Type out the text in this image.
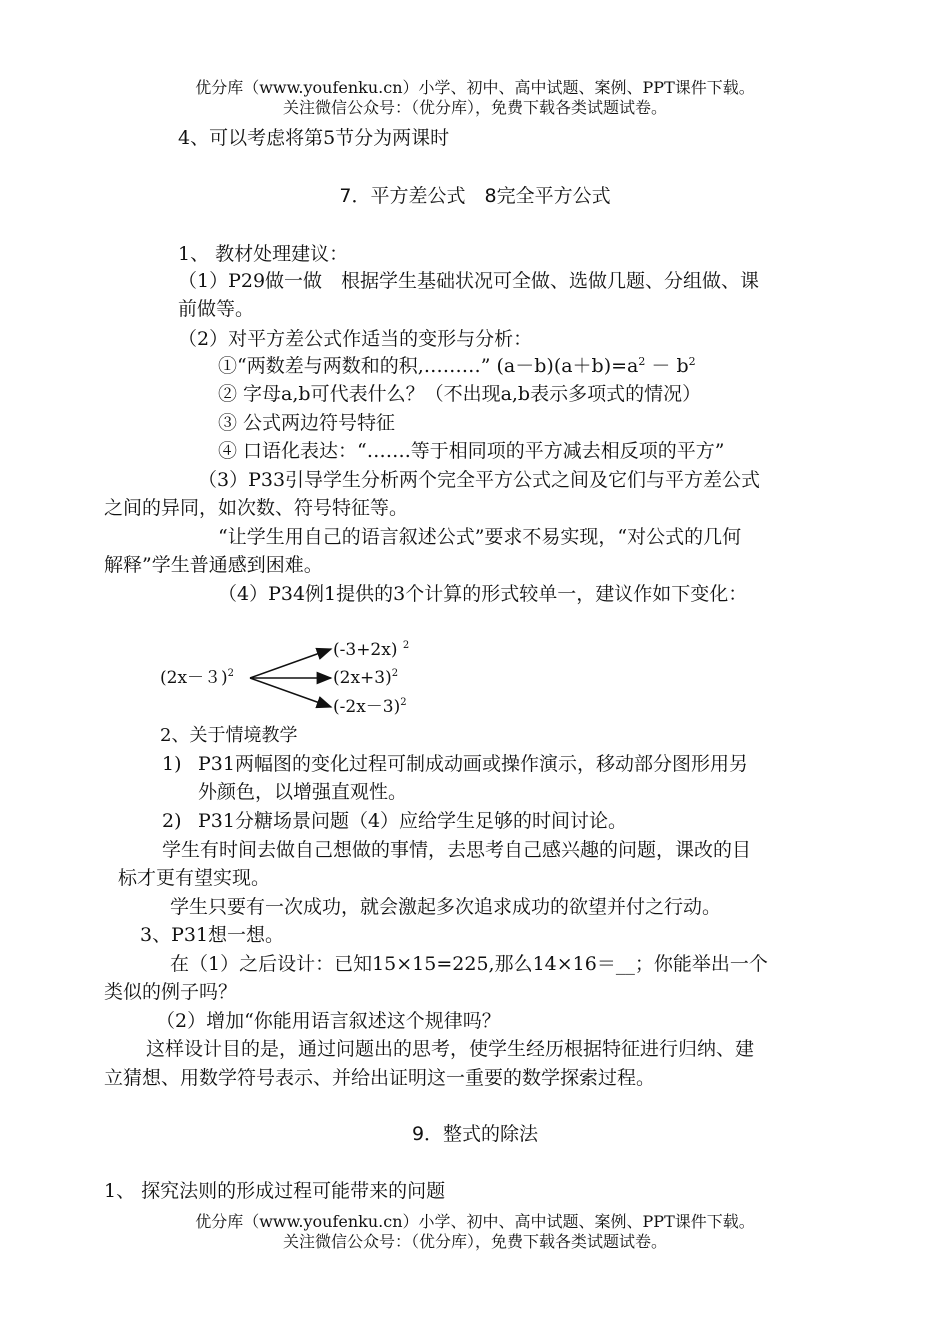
优分库（www.youfenku.cn）小学、初中、高中试题、案例、PPT课件下载。
关注微信公众号：（优分库），免费下载各类试题试卷。
4、可以考虑将第5节分为两课时
7．平方差公式　8完全平方公式
1、 教材处理建议：
（1）P29做一做　根据学生基础状况可全做、选做几题、分组做、课
前做等。
（2）对平方差公式作适当的变形与分析：
①“两数差与两数和的积,………” $(a-b)(a+b)=a^2 - b^2$
② 字母a,b可代表什么？（不出现a,b表示多项式的情况）
③ 公式两边符号特征
④ 口语化表达：“…….等于相同项的平方减去相反项的平方”
（3）P33引导学生分析两个完全平方公式之间及它们与平方差公式
之间的异同，如次数、符号特征等。
“让学生用自己的语言叙述公式”要求不易实现，“对公式的几何
解释”学生普通感到困难。
（4）P34例1提供的3个计算的形式较单一，建议作如下变化：
$(2x-3)^2$
(-3+2x) $^2$
$(2x+3)^2$
$(-2x-3)^2$
2、关于情境教学
1) P31两幅图的变化过程可制成动画或操作演示，移动部分图形用另
外颜色，以增强直观性。
2) P31分糖场景问题（4）应给学生足够的时间讨论。
学生有时间去做自己想做的事情，去思考自己感兴趣的问题，课改的目
标才更有望实现。
学生只要有一次成功，就会激起多次追求成功的欲望并付之行动。
3、P31想一想。
在（1）之后设计：已知15×15=225,那么14×16＝__；你能举出一个
类似的例子吗？
（2）增加“你能用语言叙述这个规律吗？
这样设计目的是，通过问题出的思考，使学生经历根据特征进行归纳、建
立猜想、用数学符号表示、并给出证明这一重要的数学探索过程。
9．整式的除法
1、 探究法则的形成过程可能带来的问题
优分库（www.youfenku.cn）小学、初中、高中试题、案例、PPT课件下载。
关注微信公众号：（优分库），免费下载各类试题试卷。
